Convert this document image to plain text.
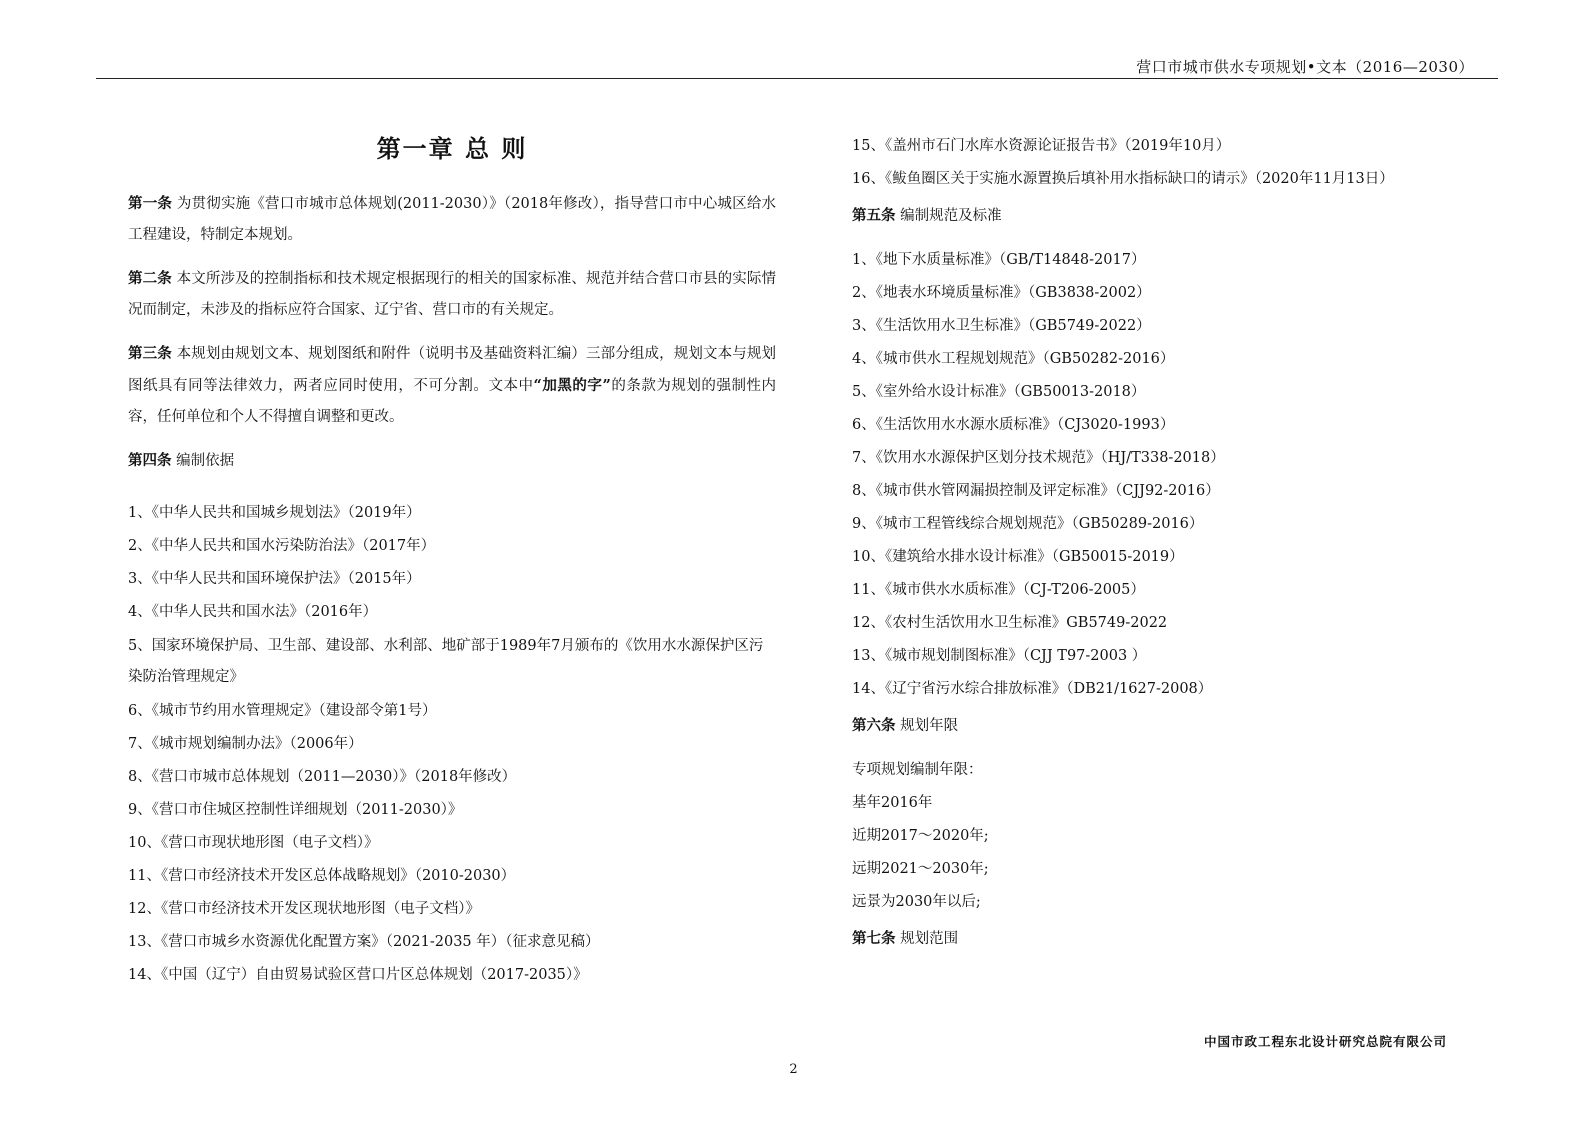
营口市城市供水专项规划•文本（2016—2030）
第一章 总 则

第一条 为贯彻实施《营口市城市总体规划(2011-2030）》（2018年修改），指导营口市中心城区给水工程建设，特制定本规划。

第二条 本文所涉及的控制指标和技术规定根据现行的相关的国家标准、规范并结合营口市县的实际情况而制定，未涉及的指标应符合国家、辽宁省、营口市的有关规定。

第三条 本规划由规划文本、规划图纸和附件（说明书及基础资料汇编）三部分组成，规划文本与规划图纸具有同等法律效力，两者应同时使用，不可分割。文本中“加黑的字”的条款为规划的强制性内容，任何单位和个人不得擅自调整和更改。

第四条 编制依据

1、《中华人民共和国城乡规划法》（2019年）

2、《中华人民共和国水污染防治法》（2017年）

3、《中华人民共和国环境保护法》（2015年）

4、《中华人民共和国水法》（2016年）

5、国家环境保护局、卫生部、建设部、水利部、地矿部于1989年7月颁布的《饮用水水源保护区污染防治管理规定》

6、《城市节约用水管理规定》（建设部令第1号）

7、《城市规划编制办法》（2006年）

8、《营口市城市总体规划（2011—2030）》（2018年修改）

9、《营口市住城区控制性详细规划（2011-2030）》

10、《营口市现状地形图（电子文档）》

11、《营口市经济技术开发区总体战略规划》（2010-2030）

12、《营口市经济技术开发区现状地形图（电子文档）》

13、《营口市城乡水资源优化配置方案》（2021-2035 年）（征求意见稿）

14、《中国（辽宁）自由贸易试验区营口片区总体规划（2017-2035）》

15、《盖州市石门水库水资源论证报告书》（2019年10月）

16、《鲅鱼圈区关于实施水源置换后填补用水指标缺口的请示》（2020年11月13日）

第五条 编制规范及标准

1、《地下水质量标准》（GB/T14848-2017）

2、《地表水环境质量标准》（GB3838-2002）

3、《生活饮用水卫生标准》（GB5749-2022）

4、《城市供水工程规划规范》（GB50282-2016）

5、《室外给水设计标准》（GB50013-2018）

6、《生活饮用水水源水质标准》（CJ3020-1993）

7、《饮用水水源保护区划分技术规范》（HJ/T338-2018）

8、《城市供水管网漏损控制及评定标准》（CJJ92-2016）

9、《城市工程管线综合规划规范》（GB50289-2016）

10、《建筑给水排水设计标准》（GB50015-2019）

11、《城市供水水质标准》（CJ-T206-2005）

12、《农村生活饮用水卫生标准》GB5749-2022

13、《城市规划制图标准》（CJJ T97-2003 ）

14、《辽宁省污水综合排放标准》（DB21/1627-2008）

第六条 规划年限

专项规划编制年限：

基年2016年

近期2017～2020年;

远期2021～2030年;

远景为2030年以后;

第七条 规划范围
中国市政工程东北设计研究总院有限公司
2
